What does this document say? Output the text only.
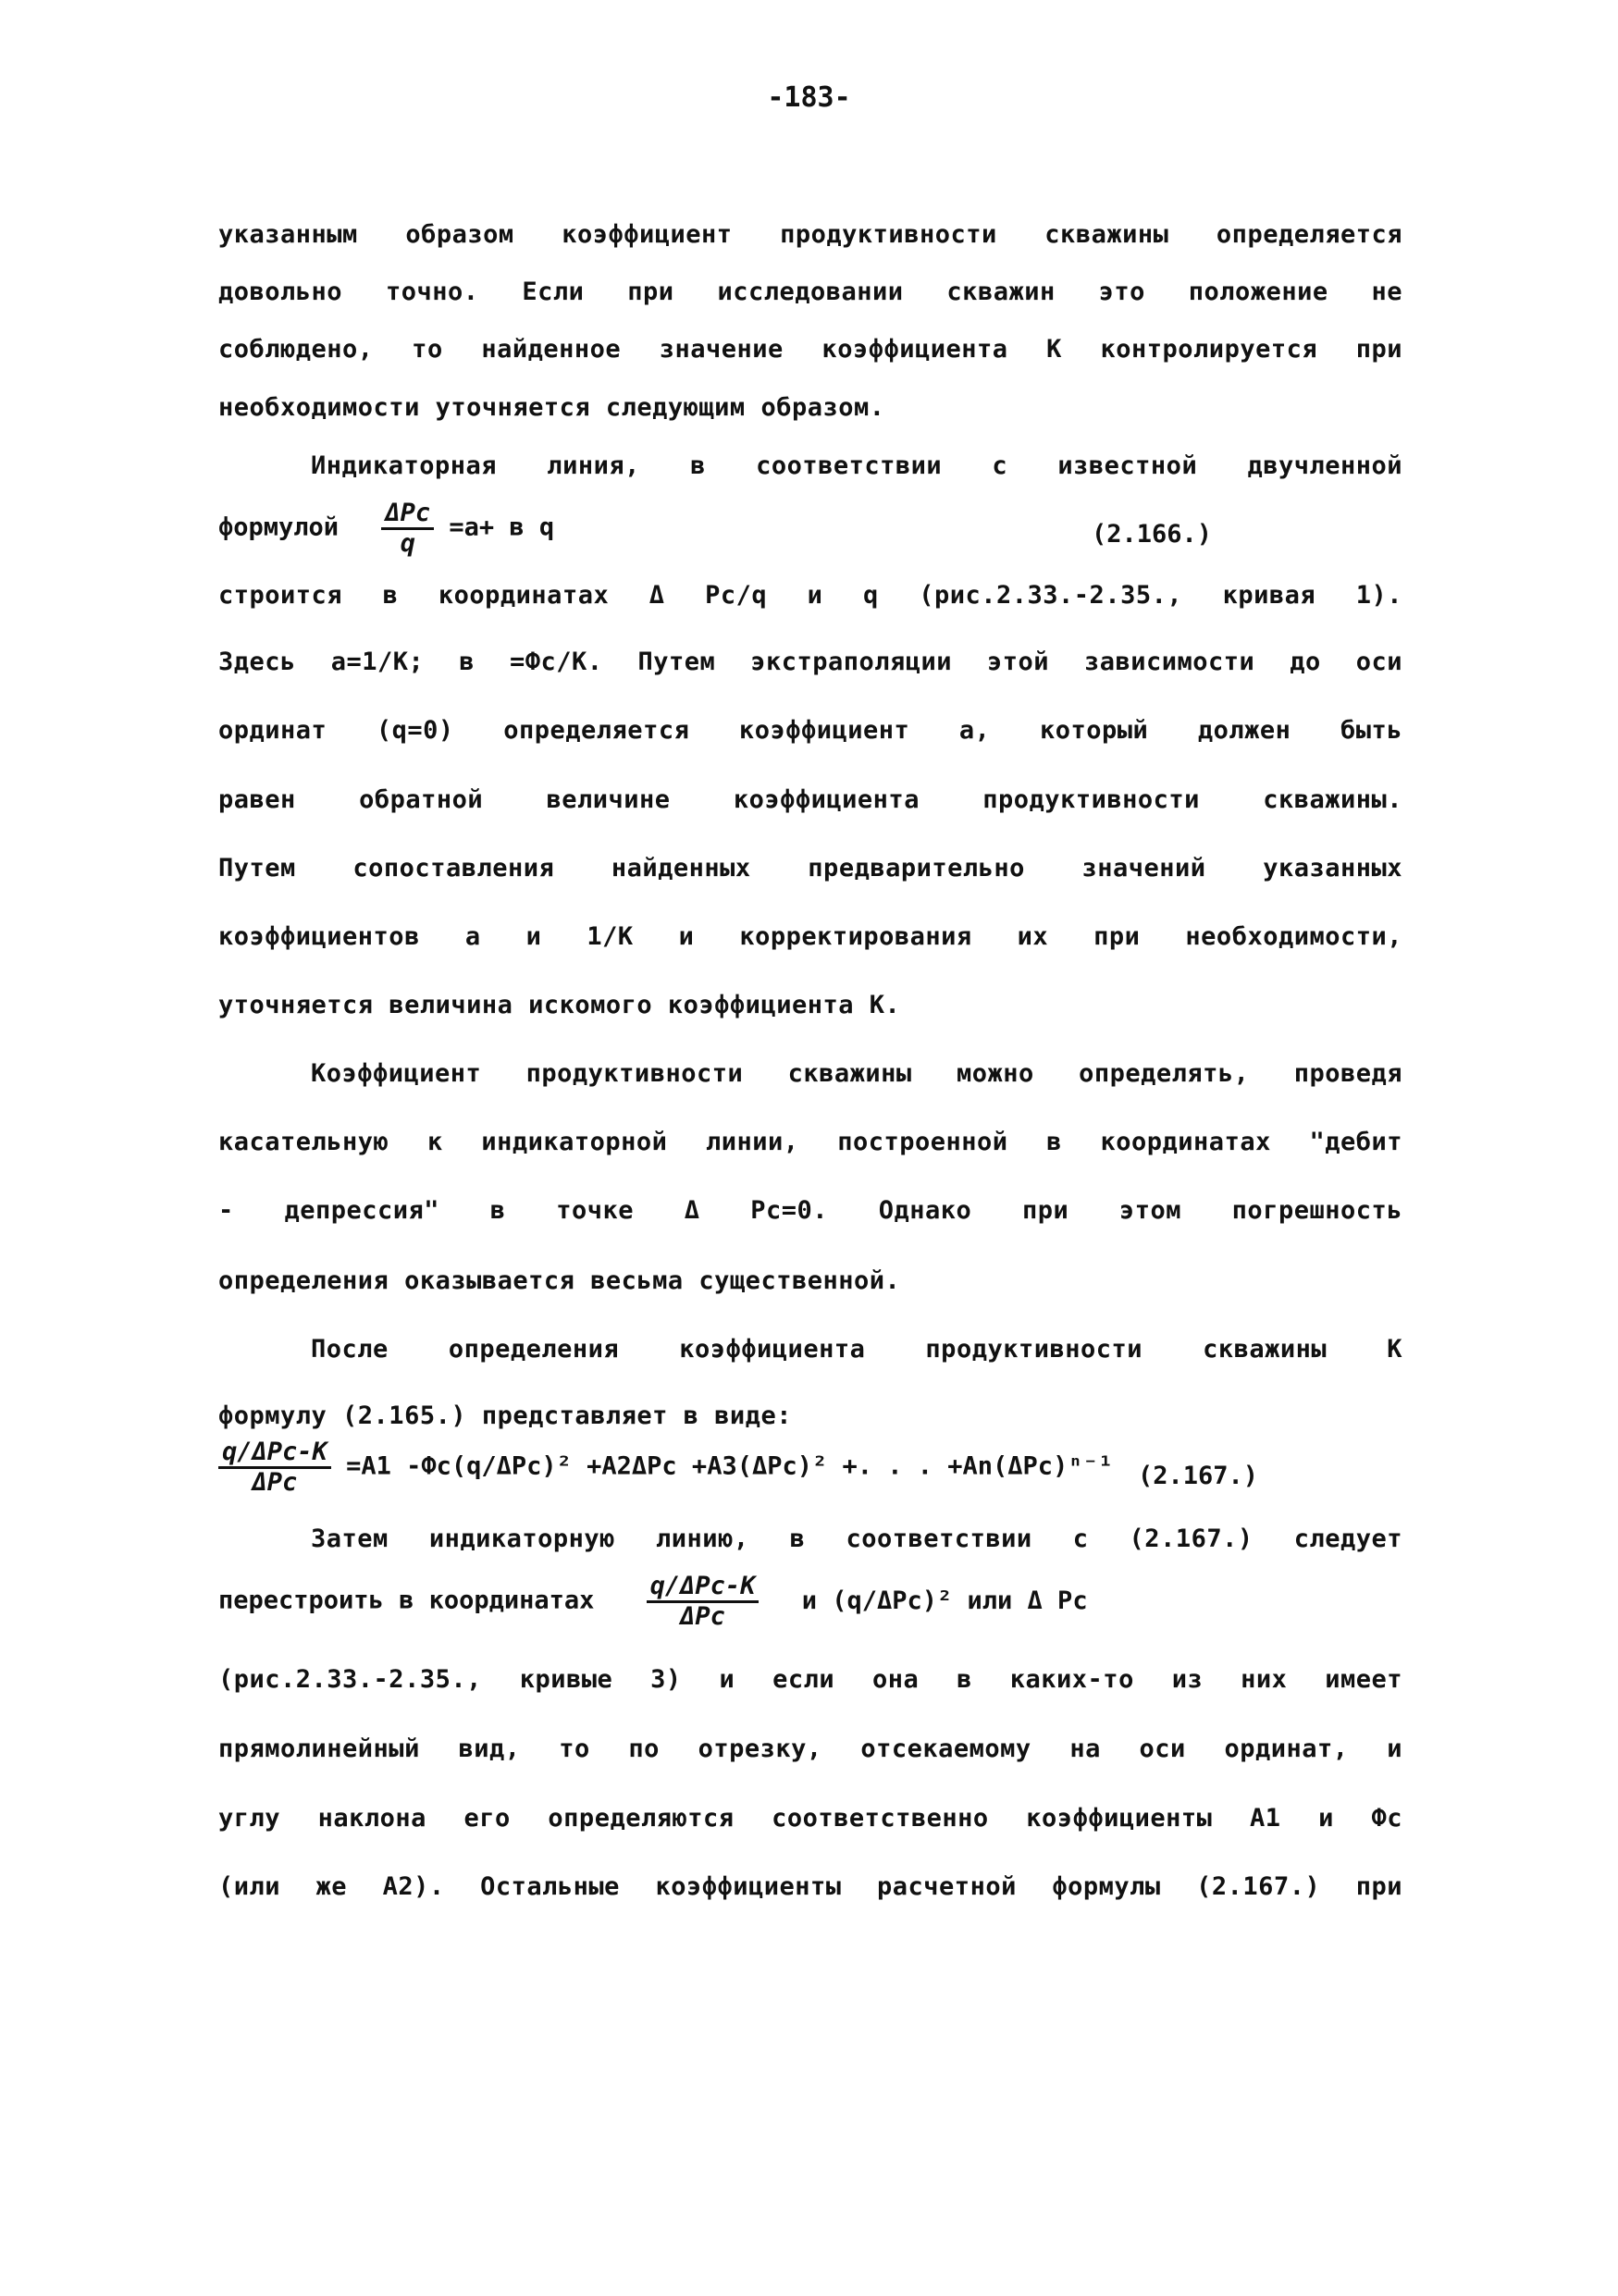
-183-
указанным образом коэффициент продуктивности скважины определяется
довольно точно. Если при исследовании скважин это положение не
соблюдено, то найденное значение коэффициента К контролируется при
необходимости уточняется следующим образом.
Индикаторная линия, в соответствии с известной двучленной
формулой $\frac{\text{ΔPc}}{q} =a+ в$ q	(2.166.)
строится в координатах Δ Pc/q и q (рис.2.33.-2.35., кривая 1).
Здесь а=1/К; в =Фc/К. Путем экстраполяции этой зависимости до оси
ординат (q=0) определяется коэффициент а, который должен быть
равен обратной величине коэффициента продуктивности скважины.
Путем сопоставления найденных предварительно значений указанных
коэффициентов а и 1/К и корректирования их при необходимости,
уточняется величина искомого коэффициента К.
Коэффициент продуктивности скважины можно определять, проведя
касательную к индикаторной линии, построенной в координатах "дебит
- депрессия" в точке Δ Pc=0. Однако при этом погрешность
определения оказывается весьма существенной.
После определения коэффициента продуктивности скважины К
формулу (2.165.) представляет в виде:
$\frac{\text{q/ΔPc-K}}{\text{ΔPc}} =A1$ -Фc(q/ΔPc)² +A2ΔPc +A3(ΔPc)² +. . . +An(ΔPc)ⁿ⁻¹ (2.167.)
Затем индикаторную линию, в соответствии с (2.167.) следует
перестроить в координатах $\frac{\text{q/ΔPc-K}}{\text{ΔPc}}$ и (q/ΔPc)² или Δ Pc
(рис.2.33.-2.35., кривые 3) и если она в каких-то из них имеет
прямолинейный вид, то по отрезку, отсекаемому на оси ординат, и
углу наклона его определяются соответственно коэффициенты А1 и Фc
(или же А2). Остальные коэффициенты расчетной формулы (2.167.) при
